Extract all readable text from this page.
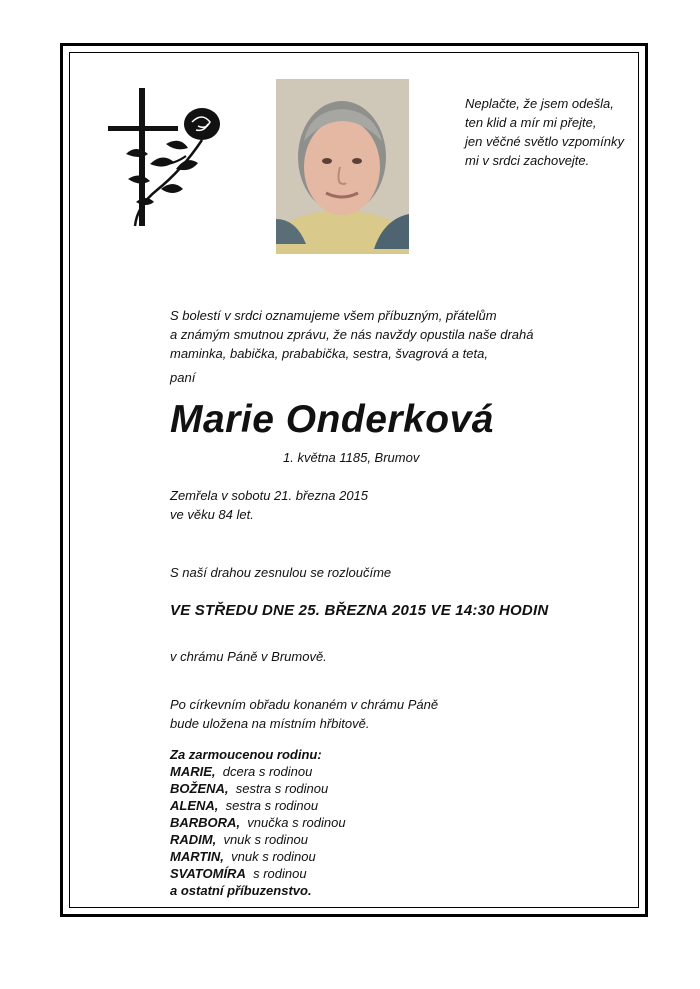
Neplačte, že jsem odešla,
ten klid a mír mi přejte,
jen věčné světlo vzpomínky
mi v srdci zachovejte.
S bolestí v srdci oznamujeme všem příbuzným, přátelům
a známým smutnou zprávu, že nás navždy opustila naše drahá
maminka, babička, prababička, sestra, švagrová a teta,
paní
Marie Onderková
1. května 1185, Brumov
Zemřela v sobotu 21. března 2015
ve věku 84 let.
S naší drahou zesnulou se rozloučíme
VE STŘEDU DNE 25. BŘEZNA 2015 VE 14:30 HODIN
v chrámu Páně v Brumově.
Po církevním obřadu konaném v chrámu Páně
bude uložena na místním hřbitově.
Za zarmoucenou rodinu:
MARIE, dcera s rodinou
BOŽENA, sestra s rodinou
ALENA, sestra s rodinou
BARBORA, vnučka s rodinou
RADIM, vnuk s rodinou
MARTIN, vnuk s rodinou
SVATOMÍRA s rodinou
a ostatní příbuzenstvo.
